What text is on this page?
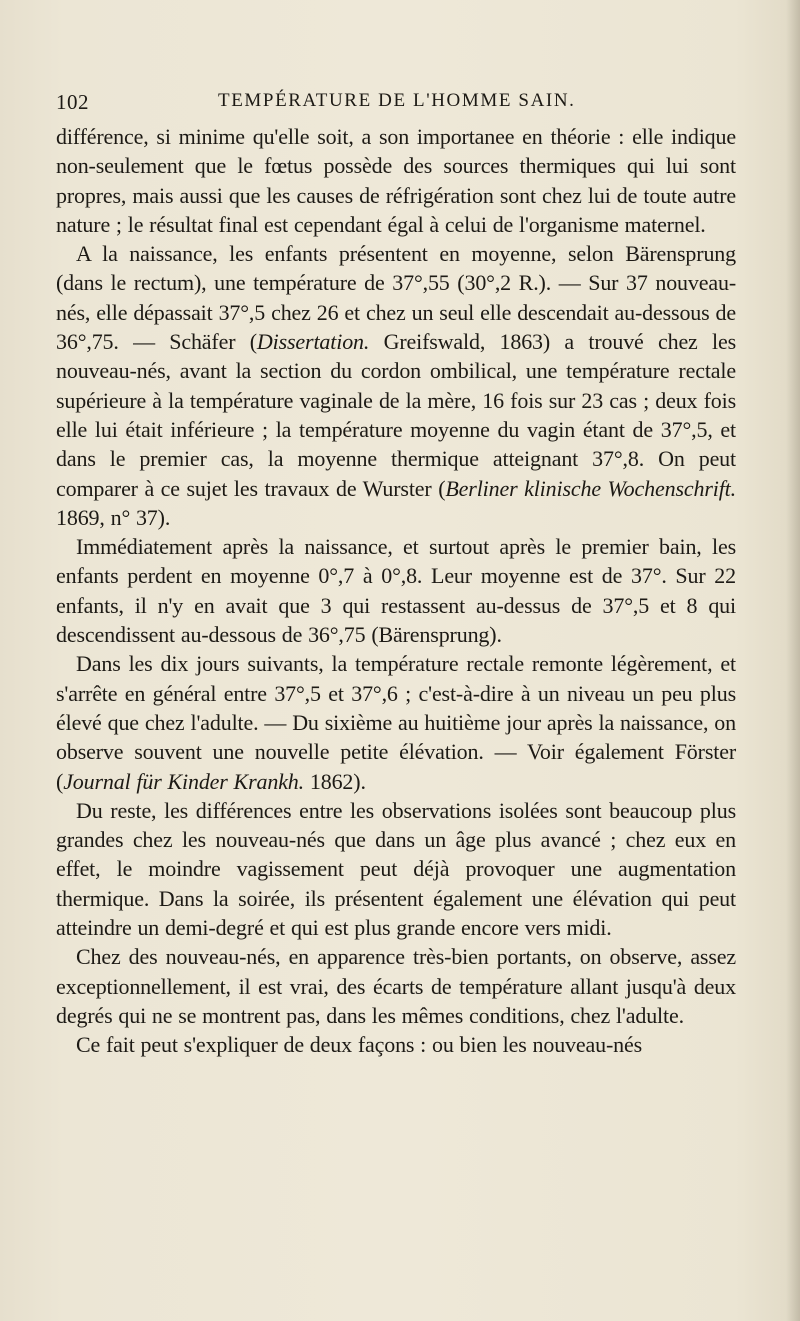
102	TEMPÉRATURE DE L'HOMME SAIN.

différence, si minime qu'elle soit, a son importanee en théorie : elle indique non-seulement que le fœtus possède des sources thermiques qui lui sont propres, mais aussi que les causes de réfrigération sont chez lui de toute autre nature ; le résultat final est cependant égal à celui de l'organisme maternel.

A la naissance, les enfants présentent en moyenne, selon Bärensprung (dans le rectum), une température de 37°,55 (30°,2 R.). — Sur 37 nouveau-nés, elle dépassait 37°,5 chez 26 et chez un seul elle descendait au-dessous de 36°,75. — Schäfer (Dissertation. Greifswald, 1863) a trouvé chez les nouveau-nés, avant la section du cordon ombilical, une température rectale supérieure à la température vaginale de la mère, 16 fois sur 23 cas ; deux fois elle lui était inférieure ; la température moyenne du vagin étant de 37°,5, et dans le premier cas, la moyenne thermique atteignant 37°,8. On peut comparer à ce sujet les travaux de Wurster (Berliner klinische Wochenschrift. 1869, n° 37).

Immédiatement après la naissance, et surtout après le premier bain, les enfants perdent en moyenne 0°,7 à 0°,8. Leur moyenne est de 37°. Sur 22 enfants, il n'y en avait que 3 qui restassent au-dessus de 37°,5 et 8 qui descendissent au-dessous de 36°,75 (Bärensprung).

Dans les dix jours suivants, la température rectale remonte légèrement, et s'arrête en général entre 37°,5 et 37°,6 ; c'est-à-dire à un niveau un peu plus élevé que chez l'adulte. — Du sixième au huitième jour après la naissance, on observe souvent une nouvelle petite élévation. — Voir également Förster (Journal für Kinder Krankh. 1862).

Du reste, les différences entre les observations isolées sont beaucoup plus grandes chez les nouveau-nés que dans un âge plus avancé ; chez eux en effet, le moindre vagissement peut déjà provoquer une augmentation thermique. Dans la soirée, ils présentent également une élévation qui peut atteindre un demi-degré et qui est plus grande encore vers midi.

Chez des nouveau-nés, en apparence très-bien portants, on observe, assez exceptionnellement, il est vrai, des écarts de température allant jusqu'à deux degrés qui ne se montrent pas, dans les mêmes conditions, chez l'adulte.

Ce fait peut s'expliquer de deux façons : ou bien les nouveau-nés
